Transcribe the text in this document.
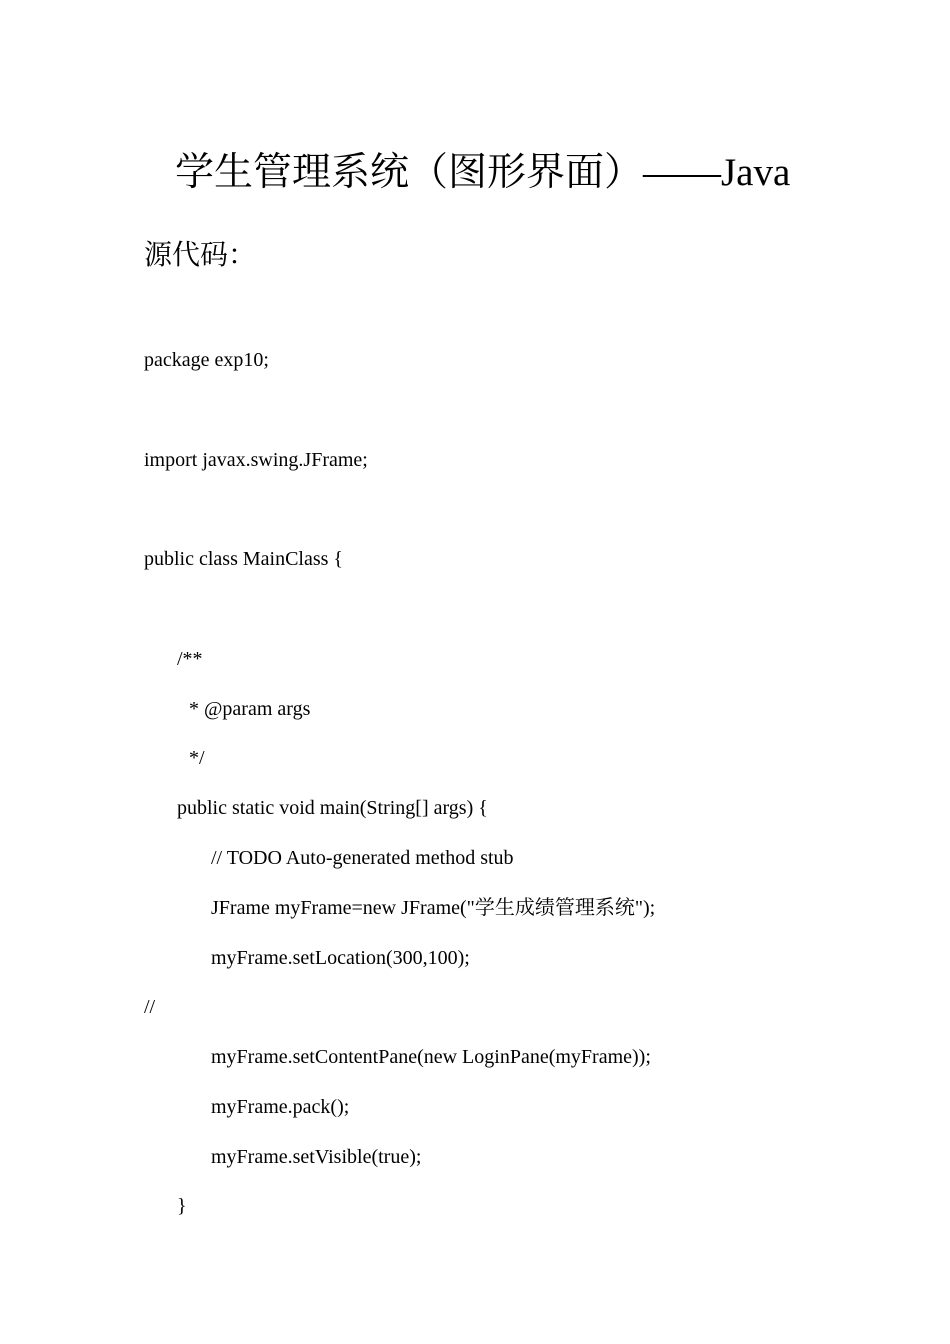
学生管理系统（图形界面）——Java
源代码：
package exp10;
import javax.swing.JFrame;
public class MainClass {
/**
* @param args
*/
public static void main(String[] args) {
// TODO Auto-generated method stub
JFrame myFrame=new JFrame("学生成绩管理系统");
myFrame.setLocation(300,100);
//
myFrame.setContentPane(new LoginPane(myFrame));
myFrame.pack();
myFrame.setVisible(true);
}
